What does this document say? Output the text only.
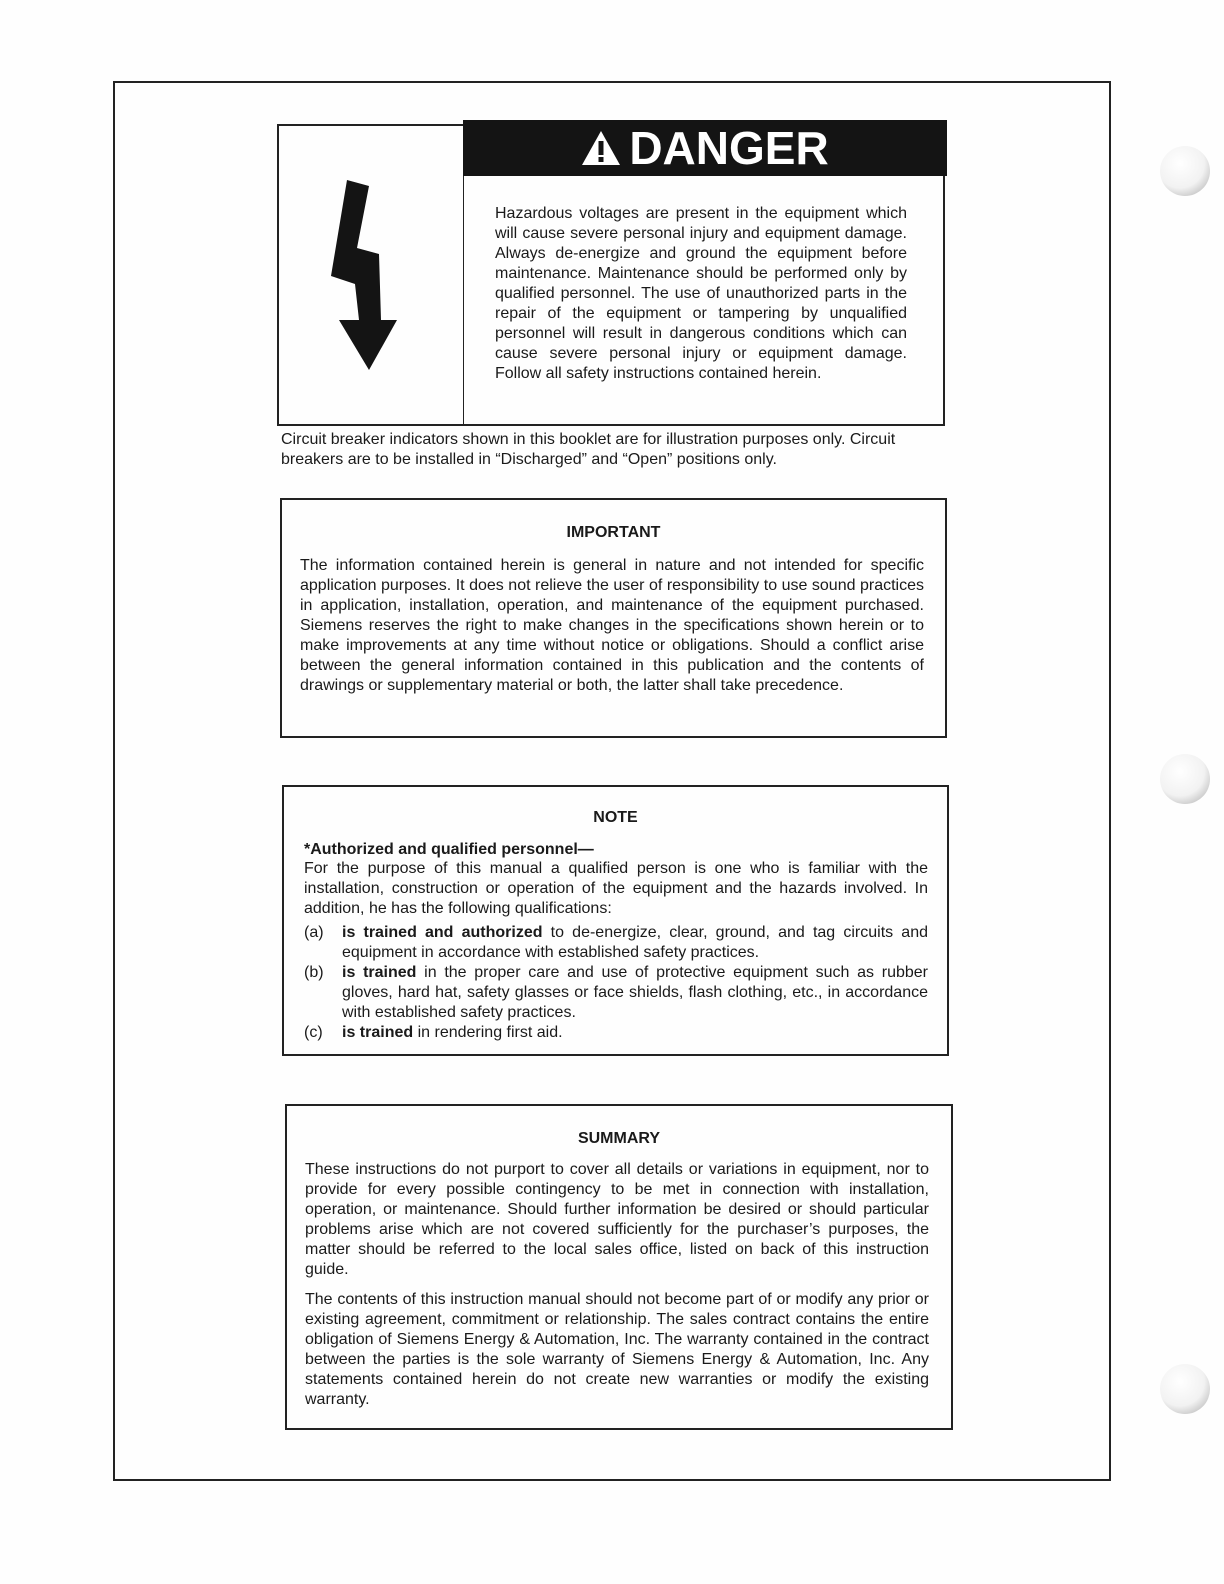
DANGER
Hazardous voltages are present in the equipment which will cause severe personal injury and equipment damage. Always de-energize and ground the equipment before maintenance. Maintenance should be performed only by qualified personnel. The use of unauthorized parts in the repair of the equipment or tampering by unqualified personnel will result in dangerous conditions which can cause severe personal injury or equipment damage. Follow all safety instructions contained herein.
Circuit breaker indicators shown in this booklet are for illustration purposes only. Circuit breakers are to be installed in “Discharged” and “Open” positions only.
IMPORTANT
The information contained herein is general in nature and not intended for specific application purposes. It does not relieve the user of responsibility to use sound practices in application, installation, operation, and maintenance of the equipment purchased. Siemens reserves the right to make changes in the specifications shown herein or to make improvements at any time without notice or obligations. Should a conflict arise between the general information contained in this publication and the contents of drawings or supplementary material or both, the latter shall take precedence.
NOTE
*Authorized and qualified personnel—
For the purpose of this manual a qualified person is one who is familiar with the installation, construction or operation of the equipment and the hazards involved. In addition, he has the following qualifications:
(a)	is trained and authorized to de-energize, clear, ground, and tag circuits and equipment in accordance with established safety practices.
(b)	is trained in the proper care and use of protective equipment such as rubber gloves, hard hat, safety glasses or face shields, flash clothing, etc., in accordance with established safety practices.
(c)	is trained in rendering first aid.
SUMMARY

These instructions do not purport to cover all details or variations in equipment, nor to provide for every possible contingency to be met in connection with installation, operation, or maintenance. Should further information be desired or should particular problems arise which are not covered sufficiently for the purchaser’s purposes, the matter should be referred to the local sales office, listed on back of this instruction guide.

The contents of this instruction manual should not become part of or modify any prior or existing agreement, commitment or relationship. The sales contract contains the entire obligation of Siemens Energy & Automation, Inc. The warranty contained in the contract between the parties is the sole warranty of Siemens Energy & Automation, Inc. Any statements contained herein do not create new warranties or modify the existing warranty.
